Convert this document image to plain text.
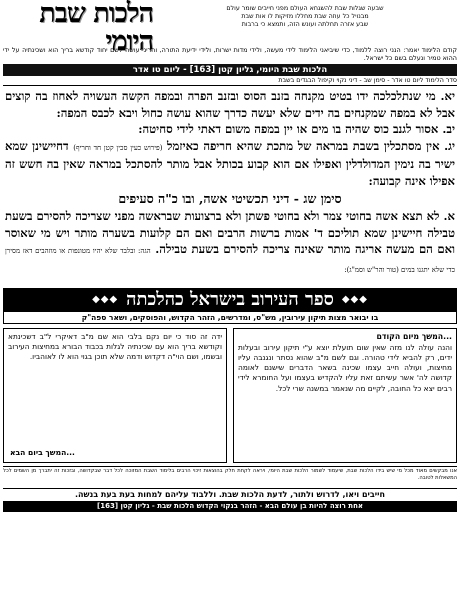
שבעה שגלות שבת להשגחא העולם מפני חייבים שומר עולם
מבנויל כל עוזה שבת מחללו מזיקות לו אות שבת
שבע אזרה תחלתה ועונש הזה, ותמצא כי ברבות
הלכות שבת היומי
קודם הלימוד יאמר: הנני רוצה ללמוד, כדי שיביאני הלימוד לידי מעשה, ולידי מדות ישרות, ולידי ידיעת התורה, והריני עושה לשם יחוד קודשא בריך הוא ושכינתיה על ידי ההוא טמיר ונעלם בשם כל ישראל.
הלכות שבת היומי, גליון קטן [163] - ליום טו אדר
סדר הלימוד ליום טו אדר - סימן שב - דיני נקוי וקיפול הבגדים בשבת

יא. מי שנתלכלכה ידו בטיט מקנחה בזנב הסוס ובזנב הפרה ובמפה הקשה העשויה לאחוז בה קוצים אבל לא במפה שמקנחים בה ידים שלא יעשה כדרך שהוא עושה כחול ויבא לכבס המפה:

יב. אסור לגנב כוס שהיה בו מים או יין במפה משום דאתי לידי סחיטה:

יג. אין מסתכלין בשבת במראה של מתכת שהיא חריפה כאיזמל (פירוש כעין סכין קטן חד וחריף) דחיישינן שמא ישיר בה נימין המדולדלין ואפילו אם הוא קבוע בכותל אבל מותר להסתכל במראה שאין בה חשש זה אפילו אינה קבועה:

סימן שג - דיני תכשיטי אשה, ובו כ"ה סעיפים

א. לא תצא אשה בחוטי צמר ולא בחוטי פשתן ולא ברצועות שבראשה מפני שצריכה להסירם בשעת טבילה חיישינן שמא תוליכם ד' אמות ברשות הרבים ואם הם קלועות בשערה מותר ויש מי שאוסר ואם הם מעשה אריגה מותר שאינה צריכה להסירם בשעת טבילה. הגה: ובלבד שלא יהיו מטונפות או מוזהבים דאז מסירן כדי שלא יתגנו במים (טור והר"ש וסמ"ג):

◆◆◆
ספר העירוב בישראל כהלכתה
◆◆◆
בו יבואר מצות תיקון עירובין, מש"ס, ומדרשים, הזהר הקדוש, והפוסקים, ושאר ספה"ק
...המשך מיום הקודם
והנה עולה לנו מזה שאין שום תועלת יוצא ע"י תיקון עירוב ובעלות ידים, רק להביא לידי טהורה. וגם לשם מ"ב שהוא נסתר ונגנבה עליו מחיצות, ועולה חייב עצמו שכינה בשאר הדברים שישנם לאומה קדושה לה' אשר עשיתם זאת עליו להקדיש בעצמו ועל החומרא לידי רבים יצא כל החובה, לקיים מה שנאמר במשנה שרי לכל.
ידה זה סוד כי יום נקם בלבי הוא שם מ"ב דאיקרי ל"ב דשכינתא וקודשא בריך הוא עם שכינתיה לגלות בכבוד הבורא במחיצות העירוב ובשמו, ושם הוי"ה דקדוש ודמה שלא תוכן בגוי הוא לו לאוהביו.
...המשך ביום הבא
אנו מבקשים מאוד מכל מי שיש בידו הלכות שבת, שיעמוד לשמור הלכות שבת היומי, ויראה לקחת חלק בהוצאות זיכוי הרבים בלימוד השבת המזוכה לכל דבר שבקדושה, ובזכות זה יתברך מן השמים לכל המשאלות לטובה.
חייבים ויאו, לדרוש ולתור, לדעת הלכות שבת. וללבוד עליהם למחות בעת בעת בנשה.
אחת רוצה להיות בן עולם הבא - הזהר בנקוי הקדוש הלכות שבת - גליון קטן [163]
